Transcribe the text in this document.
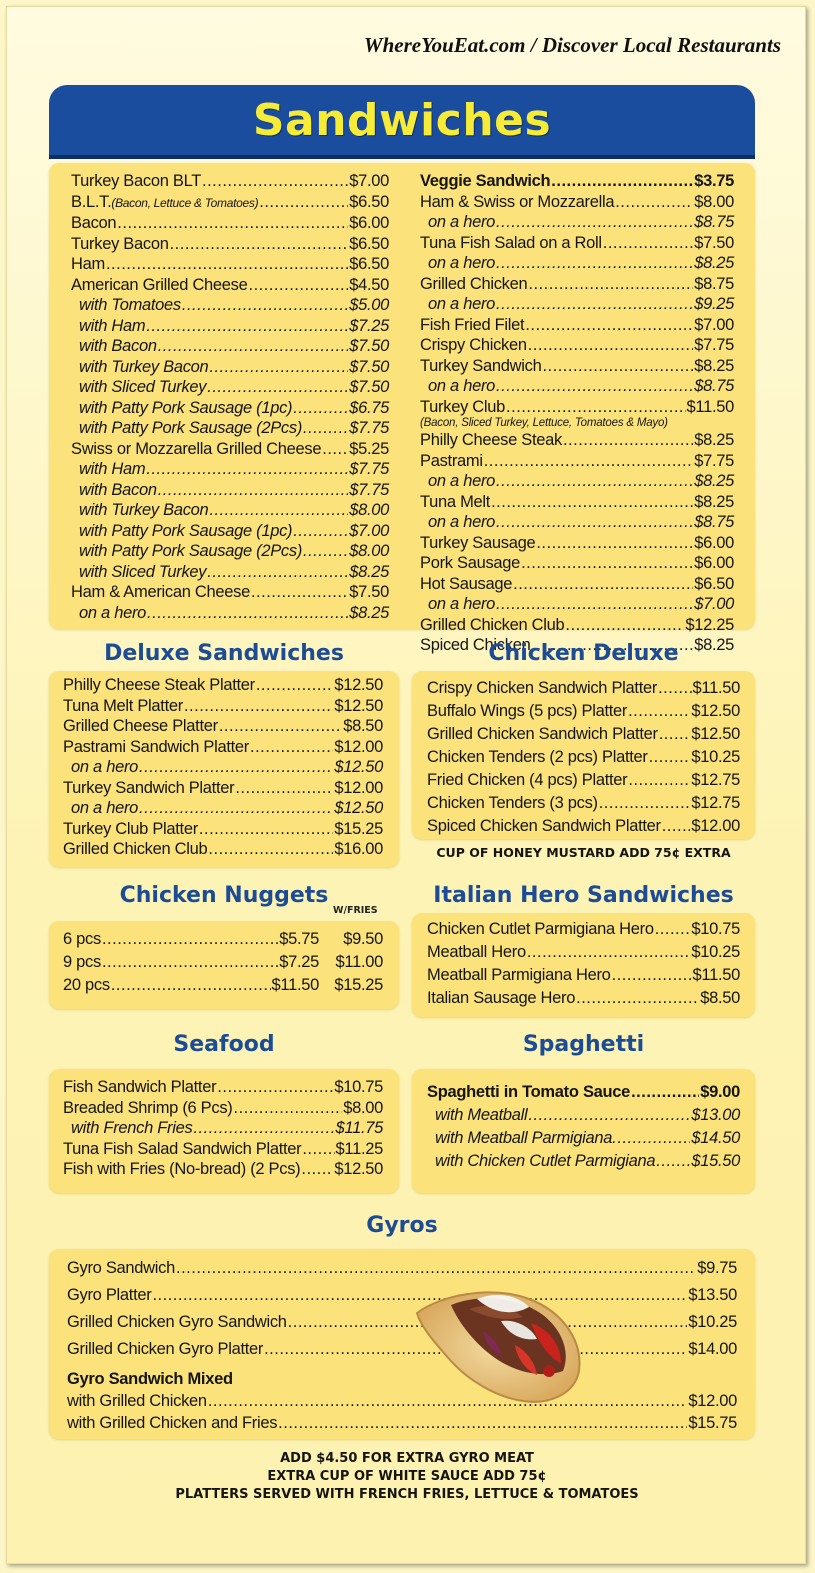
WhereYouEat.com / Discover Local Restaurants
Sandwiches
Turkey Bacon BLT .....	$7.00
B.L.T. (Bacon, Lettuce & Tomatoes) .....	$6.50
Bacon .....	$6.00
Turkey Bacon .....	$6.50
Ham .....	$6.50
American Grilled Cheese .....	$4.50
with Tomatoes .....	$5.00
with Ham .....	$7.25
with Bacon .....	$7.50
with Turkey Bacon .....	$7.50
with Sliced Turkey .....	$7.50
with Patty Pork Sausage (1pc) .....	$6.75
with Patty Pork Sausage (2Pcs) .....	$7.75
Swiss or Mozzarella Grilled Cheese ..... $5.25
with Ham .....	$7.75
with Bacon .....	$7.75
with Turkey Bacon .....	$8.00
with Patty Pork Sausage (1pc) .....	$7.00
with Patty Pork Sausage (2Pcs) .....	$8.00
with Sliced Turkey .....	$8.25
Ham & American Cheese .....	$7.50
on a hero .....	$8.25
Veggie Sandwich .....	$3.75
Ham & Swiss or Mozzarella .....	$8.00
on a hero .....	$8.75
Tuna Fish Salad on a Roll .....	$7.50
on a hero .....	$8.25
Grilled Chicken .....	$8.75
on a hero .....	$9.25
Fish Fried Filet .....	$7.00
Crispy Chicken .....	$7.75
Turkey Sandwich .....	$8.25
on a hero .....	$8.75
Turkey Club .....	$11.50
(Bacon, Sliced Turkey, Lettuce, Tomatoes & Mayo)
Philly Cheese Steak .....	$8.25
Pastrami .....	$7.75
on a hero .....	$8.25
Tuna Melt .....	$8.25
on a hero .....	$8.75
Turkey Sausage .....	$6.00
Pork Sausage .....	$6.00
Hot Sausage .....	$6.50
on a hero .....	$7.00
Grilled Chicken Club .....	$12.25
Spiced Chicken .....	$8.25
Deluxe Sandwiches
Philly Cheese Steak Platter .....	$12.50
Tuna Melt Platter .....	$12.50
Grilled Cheese Platter .....	$8.50
Pastrami Sandwich Platter .....	$12.00
on a hero .....	$12.50
Turkey Sandwich Platter .....	$12.00
on a hero .....	$12.50
Turkey Club Platter .....	$15.25
Grilled Chicken Club .....	$16.00
Chicken Deluxe
Crispy Chicken Sandwich Platter ..... $11.50
Buffalo Wings (5 pcs) Platter .....	$12.50
Grilled Chicken Sandwich Platter ..... $12.50
Chicken Tenders (2 pcs) Platter .....	$10.25
Fried Chicken (4 pcs) Platter .....	$12.75
Chicken Tenders (3 pcs) .....	$12.75
Spiced Chicken Sandwich Platter ..... $12.00
CUP OF HONEY MUSTARD ADD 75¢ EXTRA
Chicken Nuggets
W/FRIES
6 pcs .....	$5.75	$9.50
9 pcs .....	$7.25	$11.00
20 pcs .....	$11.50 $15.25
Italian Hero Sandwiches
Chicken Cutlet Parmigiana Hero ..... $10.75
Meatball Hero .....	$10.25
Meatball Parmigiana Hero .....	$11.50
Italian Sausage Hero .....	$8.50
Seafood
Fish Sandwich Platter .....	$10.75
Breaded Shrimp (6 Pcs) .....	$8.00
with French Fries .....	$11.75
Tuna Fish Salad Sandwich Platter ..... $11.25
Fish with Fries (No-bread) (2 Pcs) ..... $12.50
Spaghetti
Spaghetti in Tomato Sauce .....	$9.00
with Meatball .....	$13.00
with Meatball Parmigiana. .....	$14.50
with Chicken Cutlet Parmigiana ..... $15.50
Gyros
Gyro Sandwich .....	$9.75
Gyro Platter .....	$13.50
Grilled Chicken Gyro Sandwich .....	$10.25
Grilled Chicken Gyro Platter .....	$14.00
Gyro Sandwich Mixed
with Grilled Chicken .....	$12.00
with Grilled Chicken and Fries .....	$15.75
ADD $4.50 FOR EXTRA GYRO MEAT
EXTRA CUP OF WHITE SAUCE ADD 75¢
PLATTERS SERVED WITH FRENCH FRIES, LETTUCE & TOMATOES
